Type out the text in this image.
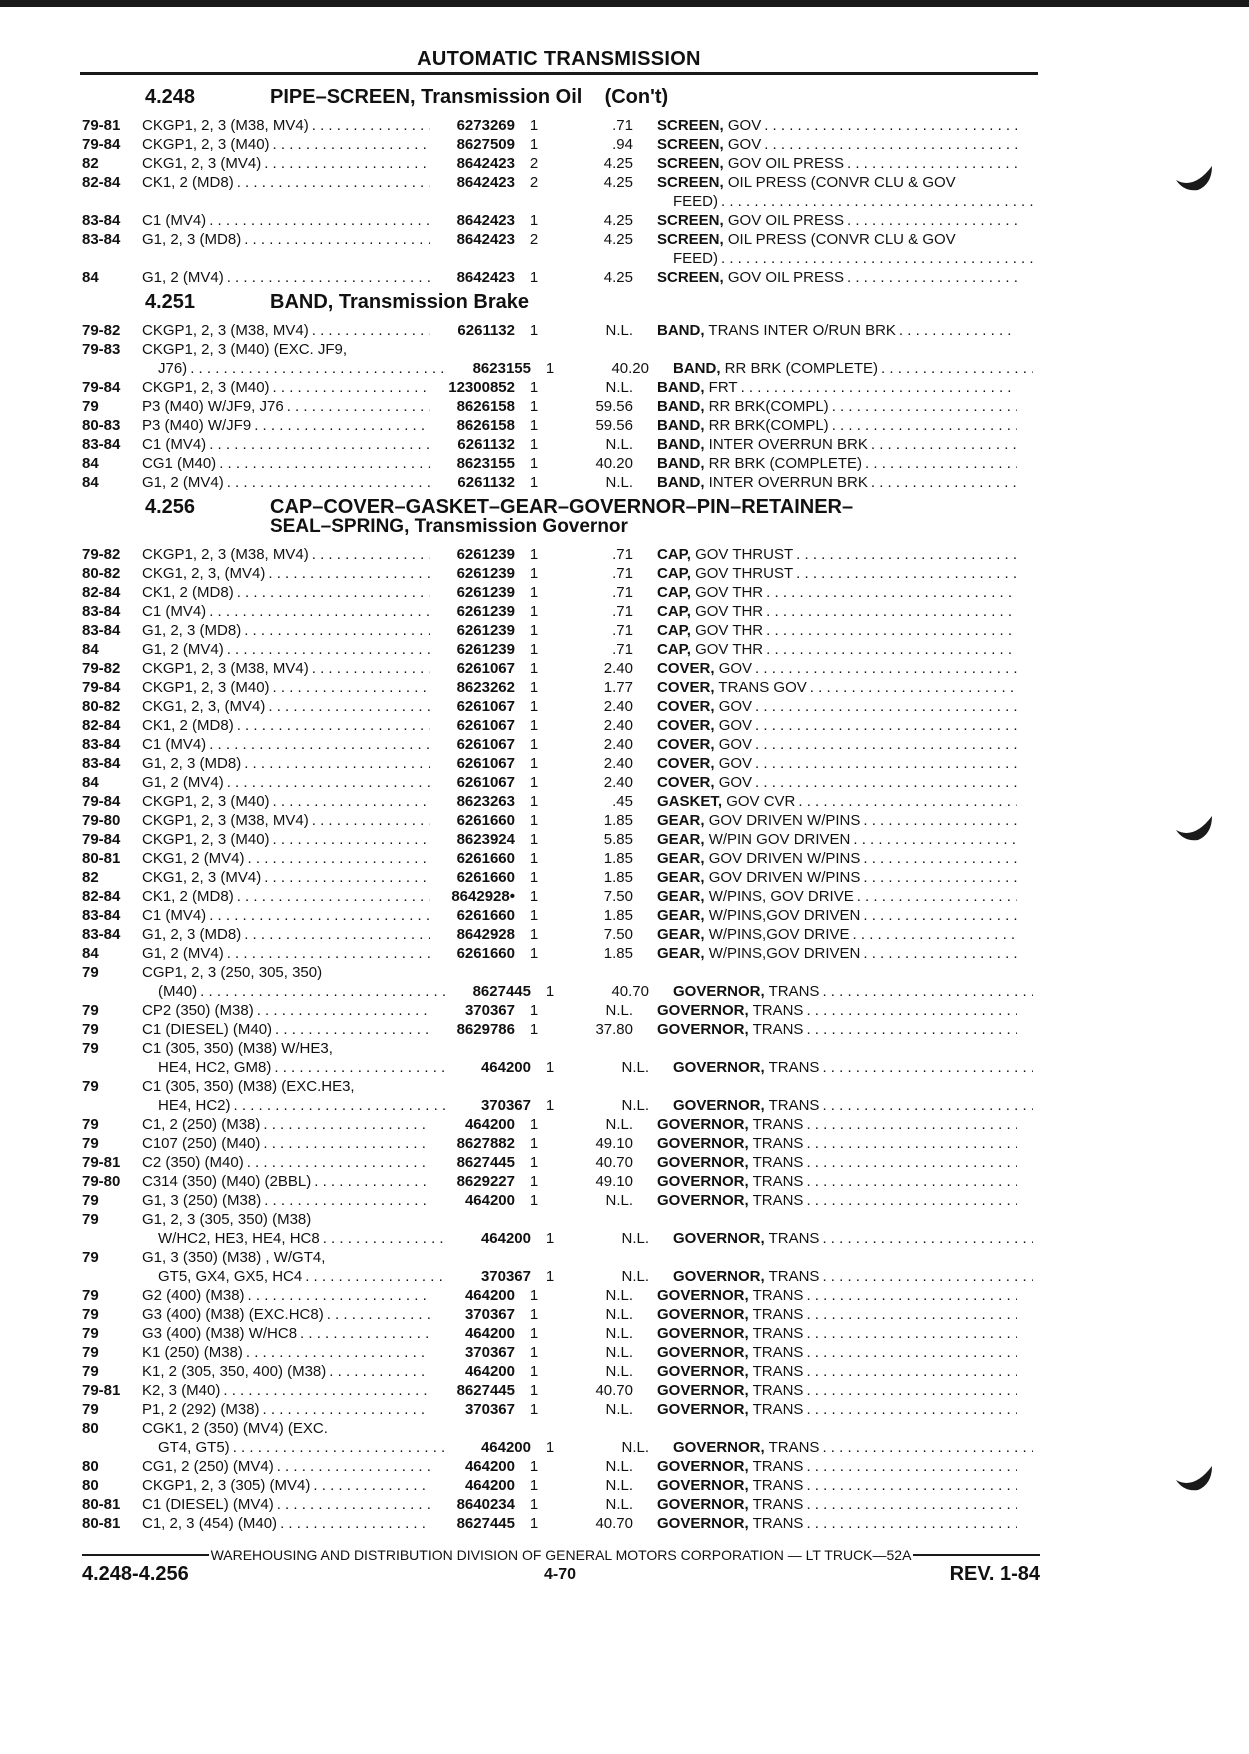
AUTOMATIC TRANSMISSION
4.248	PIPE–SCREEN, Transmission Oil (Con't)
79-81	CKGP1, 2, 3 (M38, MV4) . . .	6273269 1	.71	SCREEN, GOV . . .
79-84	CKGP1, 2, 3 (M40) . . .	8627509 1	.94	SCREEN, GOV . . .
82	CKG1, 2, 3 (MV4) . . .	8642423 2	4.25	SCREEN, GOV OIL PRESS . . .
82-84	CK1, 2 (MD8) . . .	8642423 2	4.25	SCREEN, OIL PRESS (CONVR CLU & GOV
FEED) . . .
83-84	C1 (MV4) . . .	8642423 1	4.25	SCREEN, GOV OIL PRESS . . .
83-84	G1, 2, 3 (MD8) . . .	8642423 2	4.25	SCREEN, OIL PRESS (CONVR CLU & GOV
FEED) . . .
84	G1, 2 (MV4) . . .	8642423 1	4.25	SCREEN, GOV OIL PRESS . . .
4.251	BAND, Transmission Brake
79-82	CKGP1, 2, 3 (M38, MV4) . . .	6261132 1	N.L.	BAND, TRANS INTER O/RUN BRK . . .
79-83	CKGP1, 2, 3 (M40) (EXC. JF9,
J76) . . .	8623155 1	40.20	BAND, RR BRK (COMPLETE) . . .
79-84	CKGP1, 2, 3 (M40) . . .	12300852 1	N.L.	BAND, FRT . . .
79	P3 (M40) W/JF9, J76 . . .	8626158 1	59.56	BAND, RR BRK(COMPL) . . .
80-83	P3 (M40) W/JF9 . . .	8626158 1	59.56	BAND, RR BRK(COMPL) . . .
83-84	C1 (MV4) . . .	6261132 1	N.L.	BAND, INTER OVERRUN BRK . . .
84	CG1 (M40) . . .	8623155 1	40.20	BAND, RR BRK (COMPLETE) . . .
84	G1, 2 (MV4) . . .	6261132 1	N.L.	BAND, INTER OVERRUN BRK . . .
4.256	CAP–COVER–GASKET–GEAR–GOVERNOR–PIN–RETAINER–
SEAL–SPRING, Transmission Governor
79-82	CKGP1, 2, 3 (M38, MV4) . . .	6261239 1	.71	CAP, GOV THRUST . . .
80-82	CKG1, 2, 3, (MV4) . . .	6261239 1	.71	CAP, GOV THRUST . . .
82-84	CK1, 2 (MD8) . . .	6261239 1	.71	CAP, GOV THR . . .
83-84	C1 (MV4) . . .	6261239 1	.71	CAP, GOV THR . . .
83-84	G1, 2, 3 (MD8) . . .	6261239 1	.71	CAP, GOV THR . . .
84	G1, 2 (MV4) . . .	6261239 1	.71	CAP, GOV THR . . .
79-82	CKGP1, 2, 3 (M38, MV4) . . .	6261067 1	2.40	COVER, GOV . . .
79-84	CKGP1, 2, 3 (M40) . . .	8623262 1	1.77	COVER, TRANS GOV . . .
80-82	CKG1, 2, 3, (MV4) . . .	6261067 1	2.40	COVER, GOV . . .
82-84	CK1, 2 (MD8) . . .	6261067 1	2.40	COVER, GOV . . .
83-84	C1 (MV4) . . .	6261067 1	2.40	COVER, GOV . . .
83-84	G1, 2, 3 (MD8) . . .	6261067 1	2.40	COVER, GOV . . .
84	G1, 2 (MV4) . . .	6261067 1	2.40	COVER, GOV . . .
79-84	CKGP1, 2, 3 (M40) . . .	8623263 1	.45	GASKET, GOV CVR . . .
79-80	CKGP1, 2, 3 (M38, MV4) . . .	6261660 1	1.85	GEAR, GOV DRIVEN W/PINS . . .
79-84	CKGP1, 2, 3 (M40) . . .	8623924 1	5.85	GEAR, W/PIN GOV DRIVEN . . .
80-81	CKG1, 2 (MV4) . . .	6261660 1	1.85	GEAR, GOV DRIVEN W/PINS . . .
82	CKG1, 2, 3 (MV4) . . .	6261660 1	1.85	GEAR, GOV DRIVEN W/PINS . . .
82-84	CK1, 2 (MD8) . . .	8642928• 1	7.50	GEAR, W/PINS, GOV DRIVE . . .
83-84	C1 (MV4) . . .	6261660 1	1.85	GEAR, W/PINS,GOV DRIVEN . . .
83-84	G1, 2, 3 (MD8) . . .	8642928 1	7.50	GEAR, W/PINS,GOV DRIVE . . .
84	G1, 2 (MV4) . . .	6261660 1	1.85	GEAR, W/PINS,GOV DRIVEN . . .
79	CGP1, 2, 3 (250, 305, 350)
(M40) . . .	8627445 1	40.70	GOVERNOR, TRANS . . .
79	CP2 (350) (M38) . . .	370367 1	N.L.	GOVERNOR, TRANS . . .
79	C1 (DIESEL) (M40) . . .	8629786 1	37.80	GOVERNOR, TRANS . . .
79	C1 (305, 350) (M38) W/HE3,
HE4, HC2, GM8) . . .	464200 1	N.L.	GOVERNOR, TRANS . . .
79	C1 (305, 350) (M38) (EXC.HE3,
HE4, HC2) . . .	370367 1	N.L.	GOVERNOR, TRANS . . .
79	C1, 2 (250) (M38) . . .	464200 1	N.L.	GOVERNOR, TRANS . . .
79	C107 (250) (M40) . . .	8627882 1	49.10	GOVERNOR, TRANS . . .
79-81	C2 (350) (M40) . . .	8627445 1	40.70	GOVERNOR, TRANS . . .
79-80	C314 (350) (M40) (2BBL) . . .	8629227 1	49.10	GOVERNOR, TRANS . . .
79	G1, 3 (250) (M38) . . .	464200 1	N.L.	GOVERNOR, TRANS . . .
79	G1, 2, 3 (305, 350) (M38)
W/HC2, HE3, HE4, HC8 . . .	464200 1	N.L.	GOVERNOR, TRANS . . .
79	G1, 3 (350) (M38) , W/GT4,
GT5, GX4, GX5, HC4 . . .	370367 1	N.L.	GOVERNOR, TRANS . . .
79	G2 (400) (M38) . . .	464200 1	N.L.	GOVERNOR, TRANS . . .
79	G3 (400) (M38) (EXC.HC8) . . .	370367 1	N.L.	GOVERNOR, TRANS . . .
79	G3 (400) (M38) W/HC8 . . .	464200 1	N.L.	GOVERNOR, TRANS . . .
79	K1 (250) (M38) . . .	370367 1	N.L.	GOVERNOR, TRANS . . .
79	K1, 2 (305, 350, 400) (M38) . . .	464200 1	N.L.	GOVERNOR, TRANS . . .
79-81	K2, 3 (M40) . . .	8627445 1	40.70	GOVERNOR, TRANS . . .
79	P1, 2 (292) (M38) . . .	370367 1	N.L.	GOVERNOR, TRANS . . .
80	CGK1, 2 (350) (MV4) (EXC.
GT4, GT5) . . .	464200 1	N.L.	GOVERNOR, TRANS . . .
80	CG1, 2 (250) (MV4) . . .	464200 1	N.L.	GOVERNOR, TRANS . . .
80	CKGP1, 2, 3 (305) (MV4) . . .	464200 1	N.L.	GOVERNOR, TRANS . . .
80-81	C1 (DIESEL) (MV4) . . .	8640234 1	N.L.	GOVERNOR, TRANS . . .
80-81	C1, 2, 3 (454) (M40) . . .	8627445 1	40.70	GOVERNOR, TRANS . . .
WAREHOUSING AND DISTRIBUTION DIVISION OF GENERAL MOTORS CORPORATION — LT TRUCK—52A
4.248-4.256	4-70	REV. 1-84
